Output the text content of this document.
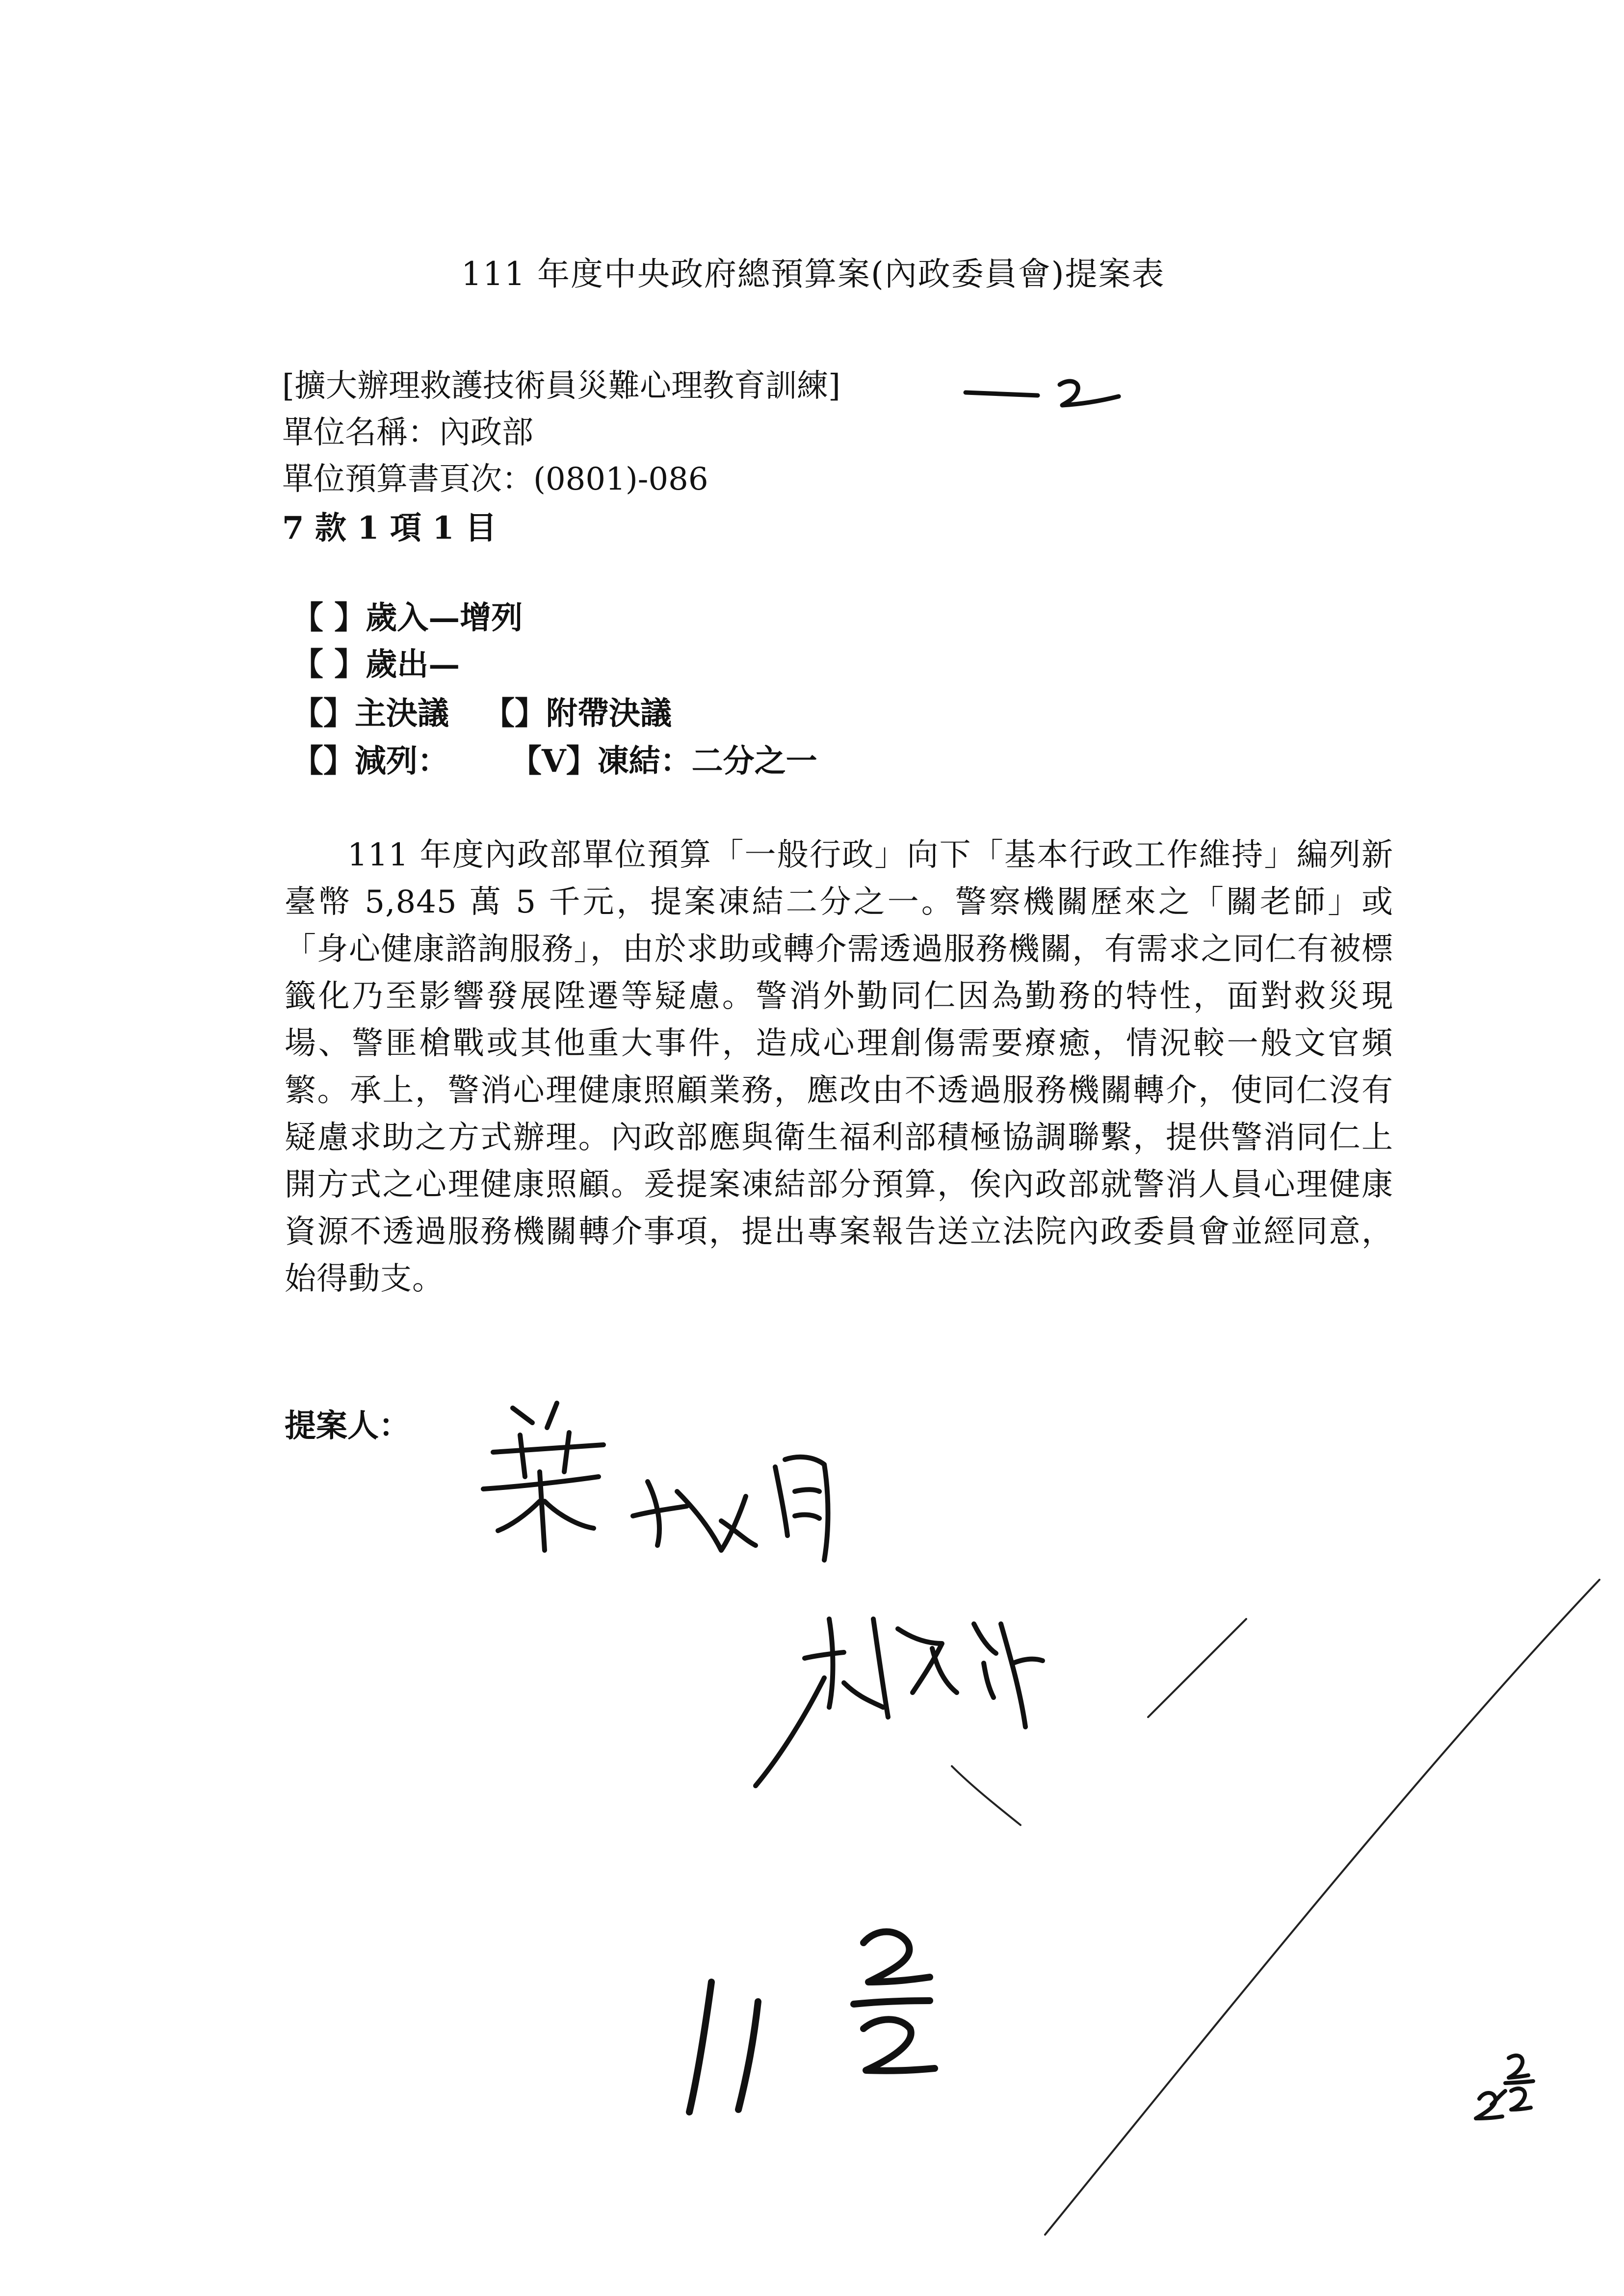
111 年度中央政府總預算案(內政委員會)提案表
[擴大辦理救護技術員災難心理教育訓練]
單位名稱：內政部
單位預算書頁次：(0801)-086
7 款 1 項 1 目
【 】歲入—增列
【 】歲出—
【】主決議 【】附帶決議
【】減列： 【V】凍結：二分之一
111 年度內政部單位預算「一般行政」向下「基本行政工作維持」編列新臺幣 5,845 萬 5 千元，提案凍結二分之一。警察機關歷來之「關老師」或「身心健康諮詢服務」，由於求助或轉介需透過服務機關，有需求之同仁有被標籤化乃至影響發展陞遷等疑慮。警消外勤同仁因為勤務的特性，面對救災現場、警匪槍戰或其他重大事件，造成心理創傷需要療癒，情況較一般文官頻繁。承上，警消心理健康照顧業務，應改由不透過服務機關轉介，使同仁沒有疑慮求助之方式辦理。內政部應與衛生福利部積極協調聯繫，提供警消同仁上開方式之心理健康照顧。爰提案凍結部分預算，俟內政部就警消人員心理健康資源不透過服務機關轉介事項，提出專案報告送立法院內政委員會並經同意，始得動支。
提案人：
